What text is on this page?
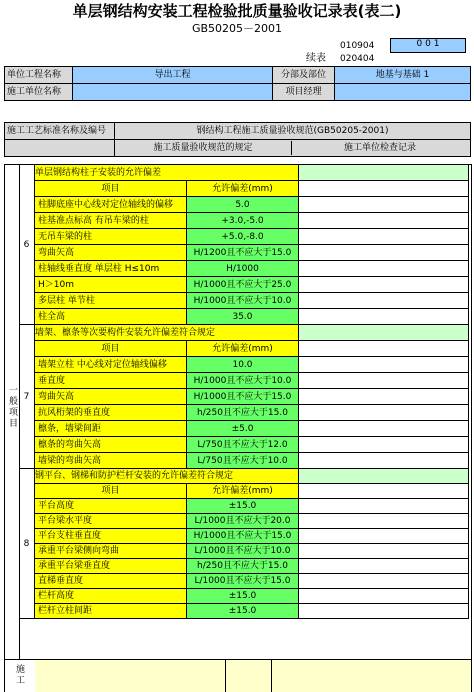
单层钢结构安装工程检验批质量验收记录表(表二)
GB50205－2001
010904	0 0 1
续表 020404
单位工程名称	导出工程	分部及部位	地基与基础 1
施工单位名称		项目经理	
施工工艺标准名称及编号	钢结构工程施工质量验收规范(GB50205-2001)

	施工质量验收规范的规定 施工单位检查记录
一般项目
施工
6
单层钢结构柱子安装的允许偏差
项目	允许偏差(mm)
柱脚底座中心线对定位轴线的偏移	5.0
柱基准点标高 有吊车梁的柱	+3.0,-5.0
无吊车梁的柱	+5.0,-8.0
弯曲矢高	H/1200且不应大于15.0
柱轴线垂直度 单层柱 H≤10m	H/1000
H＞10m	H/1000且不应大于25.0
多层柱 单节柱	H/1000且不应大于10.0
柱全高	35.0
7
墙架、檩条等次要构件安装允许偏差符合规定
项目	允许偏差(mm)
墙架立柱 中心线对定位轴线偏移	10.0
垂直度	H/1000且不应大于10.0
弯曲矢高	H/1000且不应大于15.0
抗风桁架的垂直度	h/250且不应大于15.0
檩条，墙梁间距	±5.0
檩条的弯曲矢高	L/750且不应大于12.0
墙梁的弯曲矢高	L/750且不应大于10.0
8
钢平台、钢梯和防护栏杆安装的允许偏差符合规定
项目	允许偏差(mm)
平台高度	±15.0
平台梁水平度	L/1000且不应大于20.0
平台支柱垂直度	H/1000且不应大于15.0
承重平台梁侧向弯曲	L/1000且不应大于10.0
承重平台梁垂直度	h/250且不应大于15.0
直梯垂直度	L/1000且不应大于15.0
栏杆高度	±15.0
栏杆立柱间距	±15.0
